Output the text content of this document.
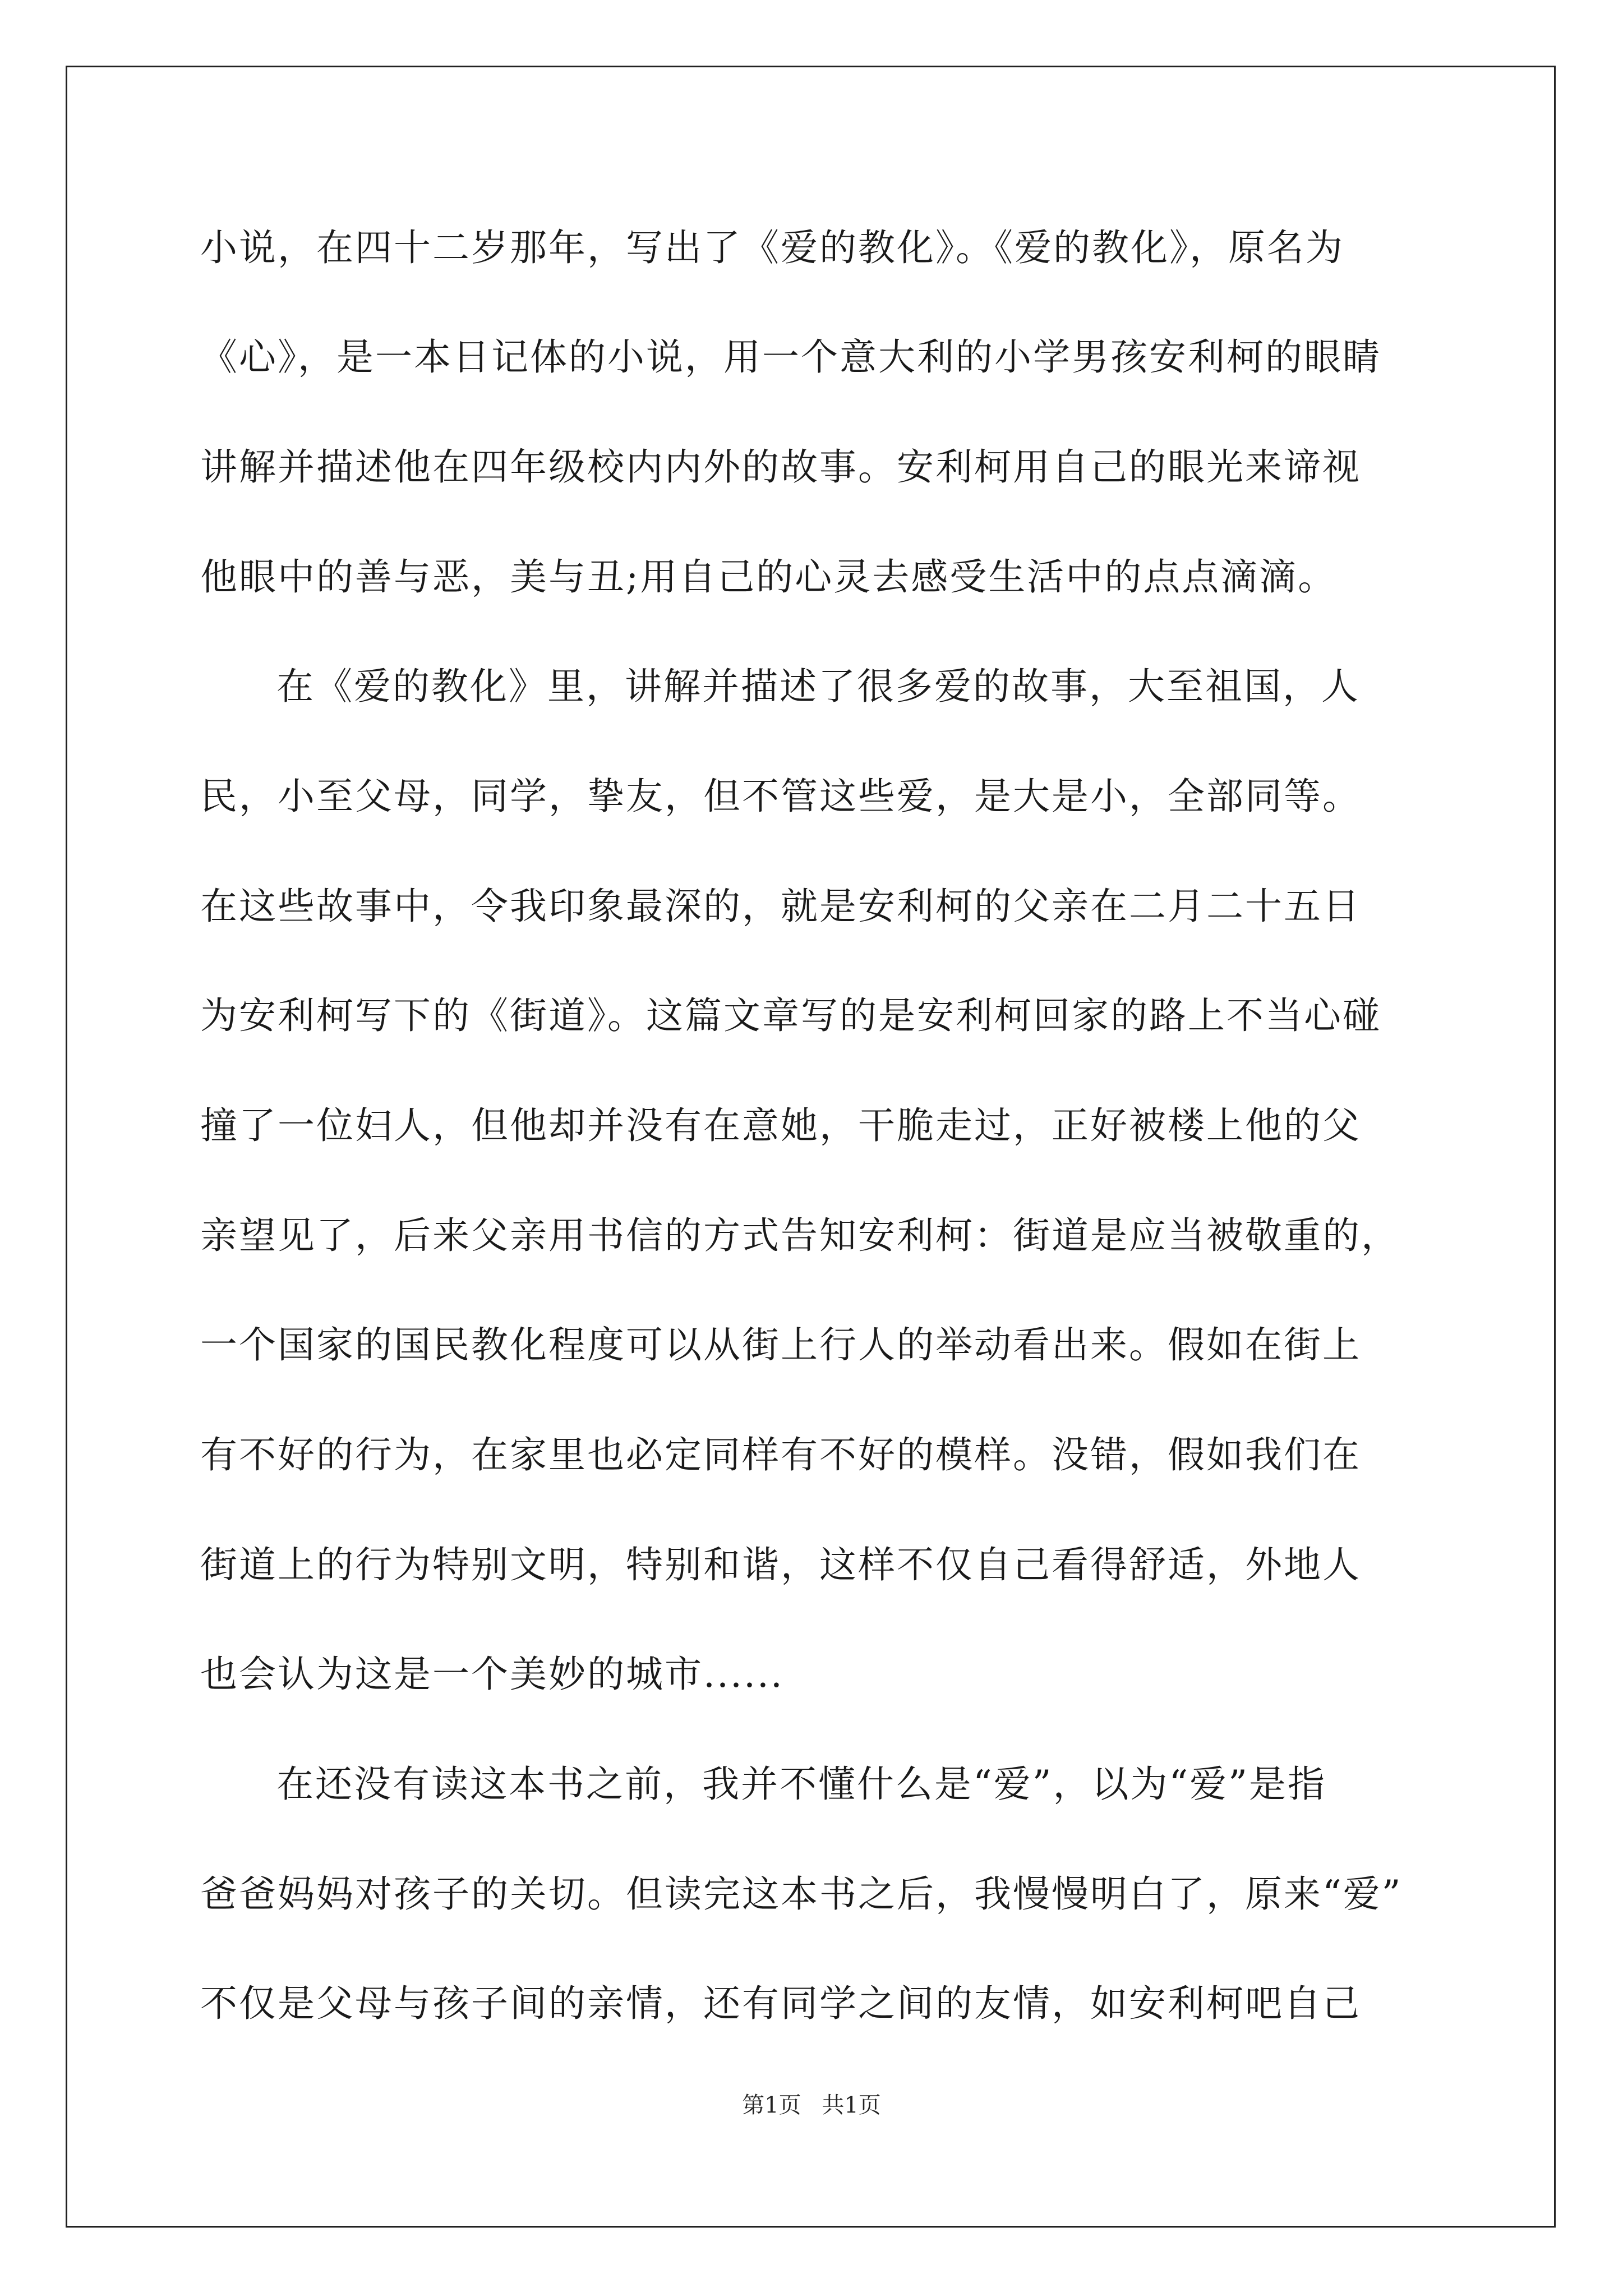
小说，在四十二岁那年，写出了《爱的教化》。《爱的教化》，原名为
《心》，是一本日记体的小说，用一个意大利的小学男孩安利柯的眼睛
讲解并描述他在四年级校内内外的故事。安利柯用自己的眼光来谛视
他眼中的善与恶，美与丑;用自己的心灵去感受生活中的点点滴滴。
在《爱的教化》里，讲解并描述了很多爱的故事，大至祖国，人
民，小至父母，同学，挚友，但不管这些爱，是大是小，全部同等。
在这些故事中，令我印象最深的，就是安利柯的父亲在二月二十五日
为安利柯写下的《街道》。这篇文章写的是安利柯回家的路上不当心碰
撞了一位妇人，但他却并没有在意她，干脆走过，正好被楼上他的父
亲望见了，后来父亲用书信的方式告知安利柯：街道是应当被敬重的，
一个国家的国民教化程度可以从街上行人的举动看出来。假如在街上
有不好的行为，在家里也必定同样有不好的模样。没错，假如我们在
街道上的行为特别文明，特别和谐，这样不仅自己看得舒适，外地人
也会认为这是一个美妙的城市......
在还没有读这本书之前，我并不懂什么是“爱”，以为“爱”是指
爸爸妈妈对孩子的关切。但读完这本书之后，我慢慢明白了，原来“爱”
不仅是父母与孩子间的亲情，还有同学之间的友情，如安利柯吧自己
第1页 共1页
